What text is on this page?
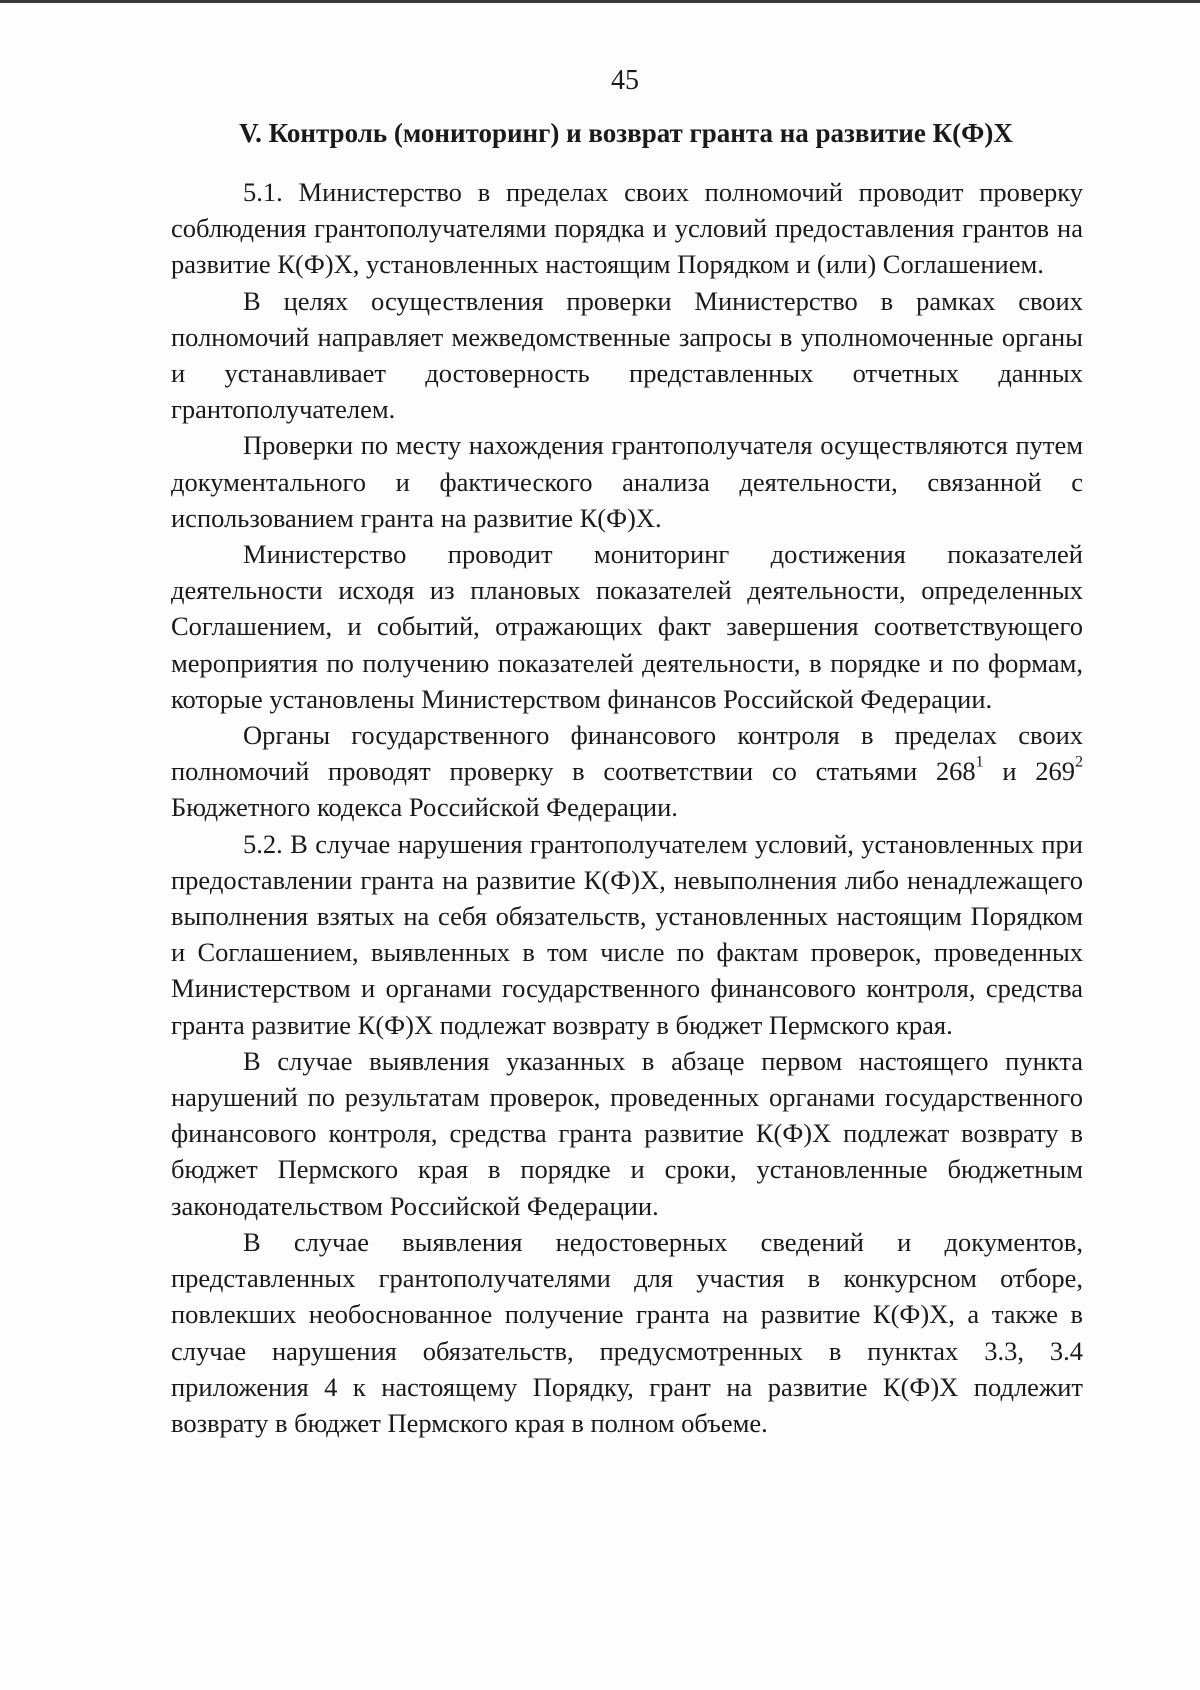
45
V. Контроль (мониторинг) и возврат гранта на развитие К(Ф)Х

5.1. Министерство в пределах своих полномочий проводит проверку соблюдения грантополучателями порядка и условий предоставления грантов на развитие К(Ф)Х, установленных настоящим Порядком и (или) Соглашением.

В целях осуществления проверки Министерство в рамках своих полномочий направляет межведомственные запросы в уполномоченные органы и устанавливает достоверность представленных отчетных данных грантополучателем.

Проверки по месту нахождения грантополучателя осуществляются путем документального и фактического анализа деятельности, связанной с использованием гранта на развитие К(Ф)Х.

Министерство проводит мониторинг достижения показателей деятельности исходя из плановых показателей деятельности, определенных Соглашением, и событий, отражающих факт завершения соответствующего мероприятия по получению показателей деятельности, в порядке и по формам, которые установлены Министерством финансов Российской Федерации.

Органы государственного финансового контроля в пределах своих полномочий проводят проверку в соответствии со статьями $268^1$ и $269^2$ Бюджетного кодекса Российской Федерации.

5.2. В случае нарушения грантополучателем условий, установленных при предоставлении гранта на развитие К(Ф)Х, невыполнения либо ненадлежащего выполнения взятых на себя обязательств, установленных настоящим Порядком и Соглашением, выявленных в том числе по фактам проверок, проведенных Министерством и органами государственного финансового контроля, средства гранта развитие К(Ф)Х подлежат возврату в бюджет Пермского края.

В случае выявления указанных в абзаце первом настоящего пункта нарушений по результатам проверок, проведенных органами государственного финансового контроля, средства гранта развитие К(Ф)Х подлежат возврату в бюджет Пермского края в порядке и сроки, установленные бюджетным законодательством Российской Федерации.

В случае выявления недостоверных сведений и документов, представленных грантополучателями для участия в конкурсном отборе, повлекших необоснованное получение гранта на развитие К(Ф)Х, а также в случае нарушения обязательств, предусмотренных в пунктах 3.3, 3.4 приложения 4 к настоящему Порядку, грант на развитие К(Ф)Х подлежит возврату в бюджет Пермского края в полном объеме.
